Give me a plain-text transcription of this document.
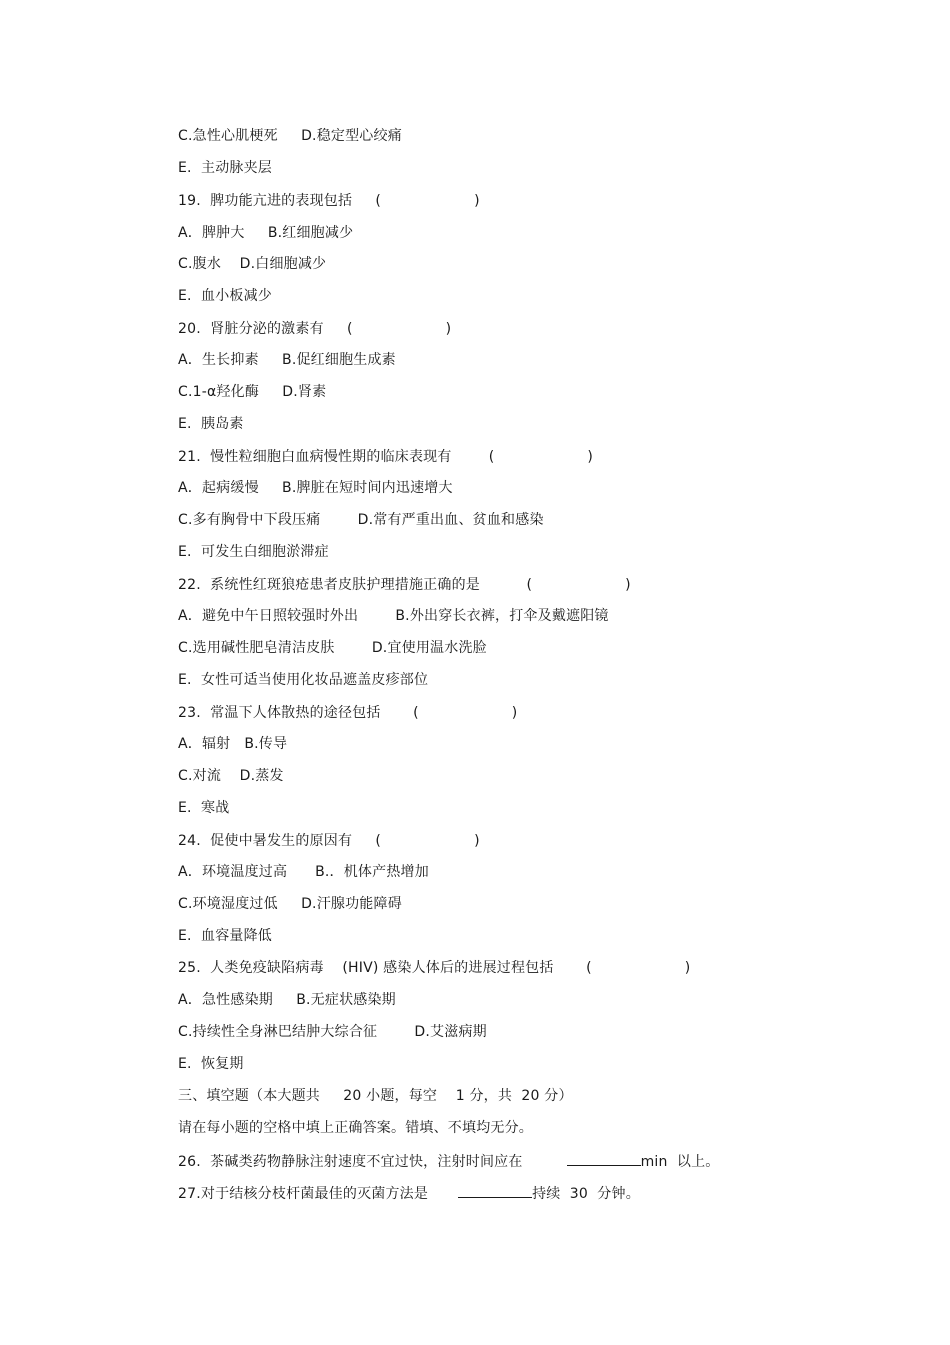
C.急性心肌梗死     D.稳定型心绞痛
E.  主动脉夹层
19.  脾功能亢进的表现包括     (                    )
A．脾肿大     B.红细胞减少
C.腹水    D.白细胞减少
E.  血小板减少
20.  肾脏分泌的激素有     (                    )
A．生长抑素     B.促红细胞生成素
C.1-α羟化酶     D.肾素
E.  胰岛素
21.  慢性粒细胞白血病慢性期的临床表现有        (                    )
A．起病缓慢     B.脾脏在短时间内迅速增大
C.多有胸骨中下段压痛        D.常有严重出血、贫血和感染
E.  可发生白细胞淤滞症
22.  系统性红斑狼疮患者皮肤护理措施正确的是          (                    )
A．避免中午日照较强时外出        B.外出穿长衣裤，打伞及戴遮阳镜
C.选用碱性肥皂清洁皮肤        D.宜使用温水洗脸
E.  女性可适当使用化妆品遮盖皮疹部位
23.  常温下人体散热的途径包括       (                    )
A．辐射   B.传导
C.对流    D.蒸发
E.  寒战
24.  促使中暑发生的原因有     (                    )
A．环境温度过高      B.．机体产热增加
C.环境湿度过低     D.汗腺功能障碍
E.  血容量降低
25.  人类免疫缺陷病毒    (HIV) 感染人体后的进展过程包括       (                    )
A．急性感染期     B.无症状感染期
C.持续性全身淋巴结肿大综合征        D.艾滋病期
E.  恢复期
三、填空题（本大题共     20 小题，每空    1 分，共  20 分）
请在每小题的空格中填上正确答案。错填、不填均无分。
26.  茶碱类药物静脉注射速度不宜过快，注射时间应在	min  以上。
27.对于结核分枝杆菌最佳的灭菌方法是	持续  30  分钟。
